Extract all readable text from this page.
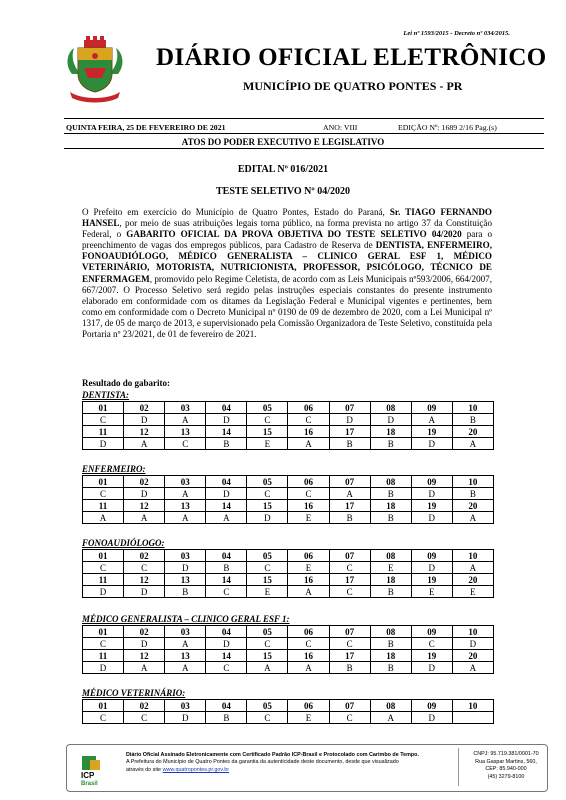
Lei nº 1593/2015 - Decreto nº 034/2015.
DIÁRIO OFICIAL ELETRÔNICO
MUNICÍPIO DE QUATRO PONTES - PR
QUINTA FEIRA, 25 DE FEVEREIRO DE 2021	ANO: VIII	EDIÇÃO Nº: 1689 2/16 Pag.(s)
ATOS DO PODER EXECUTIVO E LEGISLATIVO
EDITAL Nº 016/2021
TESTE SELETIVO Nº 04/2020
O Prefeito em exercício do Município de Quatro Pontes, Estado do Paraná, Sr. TIAGO FERNANDO HANSEL, por meio de suas atribuições legais torna público, na forma prevista no artigo 37 da Constituição Federal, o GABARITO OFICIAL DA PROVA OBJETIVA DO TESTE SELETIVO 04/2020 para o preenchimento de vagas dos empregos públicos, para Cadastro de Reserva de DENTISTA, ENFERMEIRO, FONOAUDIÓLOGO, MÉDICO GENERALISTA – CLINICO GERAL ESF 1, MÉDICO VETERINÁRIO, MOTORISTA, NUTRICIONISTA, PROFESSOR, PSICÓLOGO, TÉCNICO DE ENFERMAGEM, promovido pelo Regime Celetista, de acordo com as Leis Municipais nº593/2006, 664/2007, 667/2007. O Processo Seletivo será regido pelas instruções especiais constantes do presente instrumento elaborado em conformidade com os ditames da Legislação Federal e Municipal vigentes e pertinentes, bem como em conformidade com o Decreto Municipal nº 0190 de 09 de dezembro de 2020, com a Lei Municipal nº 1317, de 05 de março de 2013, e supervisionado pela Comissão Organizadora de Teste Seletivo, constituída pela Portaria nº 23/2021, de 01 de fevereiro de 2021.
Resultado do gabarito:
DENTISTA:
01	02	03	04	05	06	07	08	09	10
C	D	A	D	C	C	D	D	A	B
11	12	13	14	15	16	17	18	19	20
D	A	C	B	E	A	B	B	D	A
ENFERMEIRO:
01	02	03	04	05	06	07	08	09	10
C	D	A	D	C	C	A	B	D	B
11	12	13	14	15	16	17	18	19	20
A	A	A	A	D	E	B	B	D	A
FONOAUDIÓLOGO:
01	02	03	04	05	06	07	08	09	10
C	C	D	B	C	E	C	E	D	A
11	12	13	14	15	16	17	18	19	20
D	D	B	C	E	A	C	B	E	E
MÉDICO GENERALISTA – CLINICO GERAL ESF 1:
01	02	03	04	05	06	07	08	09	10
C	D	A	D	C	C	C	B	C	D
11	12	13	14	15	16	17	18	19	20
D	A	A	C	A	A	B	B	D	A
MÉDICO VETERINÁRIO:
01	02	03	04	05	06	07	08	09	10
C	C	D	B	C	E	C	A	D	
ICP
Brasil
Diário Oficial Assinado Eletronicamente com Certificado Padrão ICP-Brasil e Protocolado com Carimbo de Tempo.
A Prefeitura do Município de Quatro Pontes da garantia da autenticidade deste documento, desde que visualizado
através do site www.quatropontes.pr.gov.br
CNPJ: 95.719.381/0001-70
Rua Gaspar Martins, 560,
CEP: 85.940-000
(45) 3279-8100
